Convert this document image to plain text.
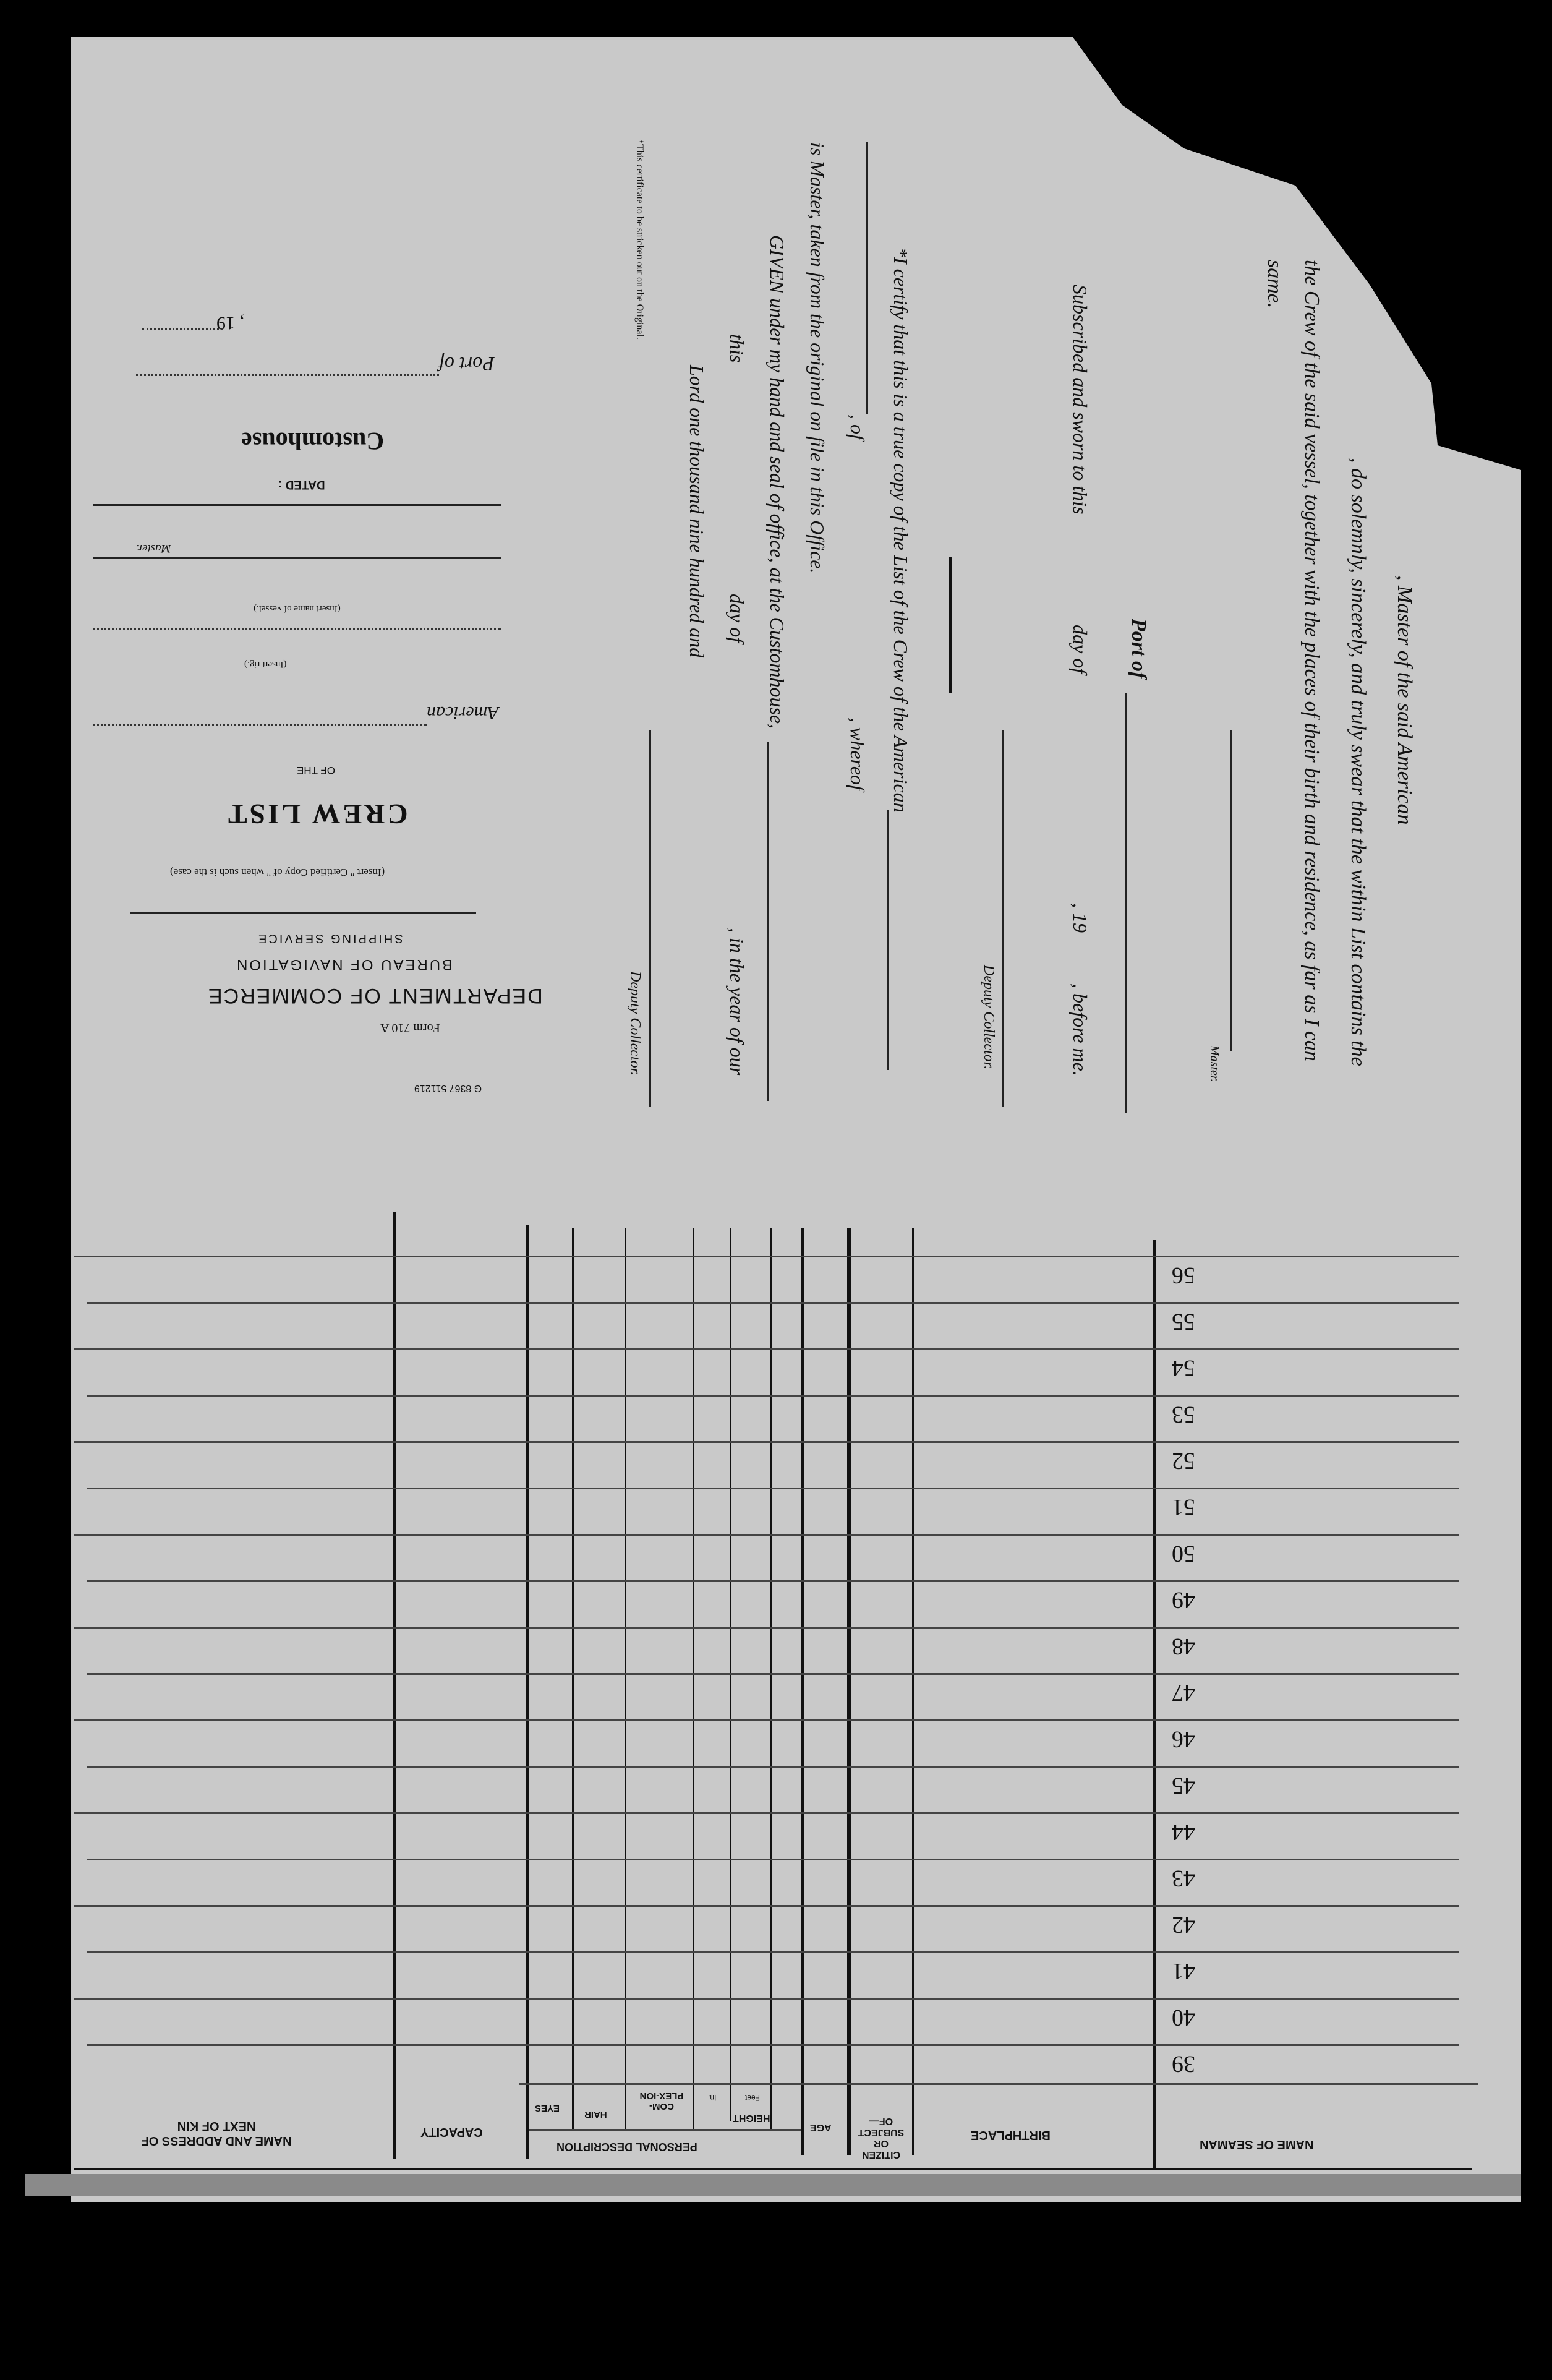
, Master of the said American
, do solemnly, sincerely, and truly swear that the within List contains the
the Crew of the said vessel, together with the places of their birth and residence, as far as I can
same.
Master.
Port of
Subscribed and sworn to this
day of
, 19
, before me.
Deputy Collector.
*I certify that this is a true copy of the List of the Crew of the American
, of
, whereof
is Master, taken from the original on file in this Office.
GIVEN under my hand and seal of office, at the Customhouse,
this
day of
, in the year of our
Lord one thousand nine hundred and
Deputy Collector.
*This certificate to be stricken out on the Original.
G 8367 511219
Form 710 A
DEPARTMENT OF COMMERCE
BUREAU OF NAVIGATION
SHIPPING SERVICE
(Insert " Certified Copy of " when such is the case)
CREW LIST
OF THE
American
(Insert rig.)
(Insert name of vessel.)
Master.
DATED :
Customhouse
Port of
, 19
NAME OF SEAMAN
BIRTHPLACE
CITIZEN OR SUBJECT OF—
AGE
PERSONAL DESCRIPTION
HEIGHT
Feet
In.
COM-PLEX-ION
HAIR
EYES
CAPACITY
NAME AND ADDRESS OF NEXT OF KIN
39
40
41
42
43
44
45
46
47
48
49
50
51
52
53
54
55
56
